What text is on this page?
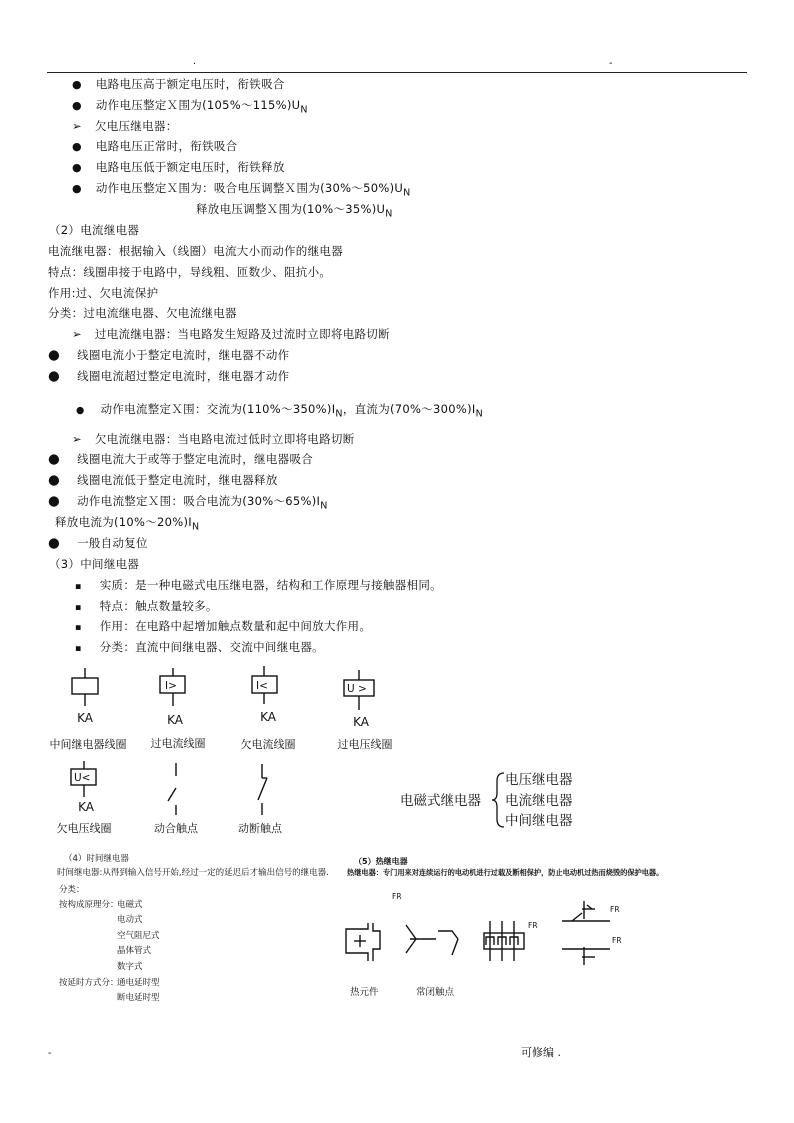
.	-
● 电路电压高于额定电压时，衔铁吸合
● 动作电压整定Ｘ围为$(105\%\sim 115\%)U_N$
➢ 欠电压继电器：
● 电路电压正常时，衔铁吸合
● 电路电压低于额定电压时，衔铁释放
● 动作电压整定Ｘ围为：吸合电压调整Ｘ围为$(30\%\sim 50\%)U_N$
释放电压调整Ｘ围为$(10\%\sim 35\%)U_N$
（2）电流继电器
电流继电器：根据输入（线圈）电流大小而动作的继电器
特点：线圈串接于电路中，导线粗、匝数少、阻抗小。
作用:过、欠电流保护
分类：过电流继电器、欠电流继电器
➢ 过电流继电器：当电路发生短路及过流时立即将电路切断
● 线圈电流小于整定电流时，继电器不动作
● 线圈电流超过整定电流时，继电器才动作
● 动作电流整定Ｘ围：交流为$(110\%\sim 350\%)I_N$，直流为$(70\%\sim 300\%)I_N$
➢ 欠电流继电器：当电路电流过低时立即将电路切断
● 线圈电流大于或等于整定电流时，继电器吸合
● 线圈电流低于整定电流时，继电器释放
● 动作电流整定Ｘ围：吸合电流为$(30\%\sim 65\%)I_N$
释放电流为$(10\%\sim 20\%)I_N$
● 一般自动复位
（3）中间继电器
▪ 实质：是一种电磁式电压继电器，结构和工作原理与接触器相同。
▪ 特点：触点数量较多。
▪ 作用：在电路中起增加触点数量和起中间放大作用。
▪ 分类：直流中间继电器、交流中间继电器。
I>	I<	U >
U<
KA	KA	KA	KA
KA
中间继电器线圈 过电流线圈	欠电流线圈	过电压线圈
欠电压线圈	动合触点	动断触点
电磁式继电器
电压继电器
电流继电器
中间继电器
（4）时间继电器
时间继电器:从得到输入信号开始,经过一定的延迟后才输出信号的继电器.
分类：
按构成原理分：
电磁式
电动式
空气阻尼式
晶体管式
数字式
按延时方式分：
通电延时型
断电延时型
（5）热继电器
热继电器：专门用来对连续运行的电动机进行过载及断相保护，防止电动机过热而烧毁的保护电器。
FR
FR
FR
FR
热元件	常闭触点
-	可修编 .
